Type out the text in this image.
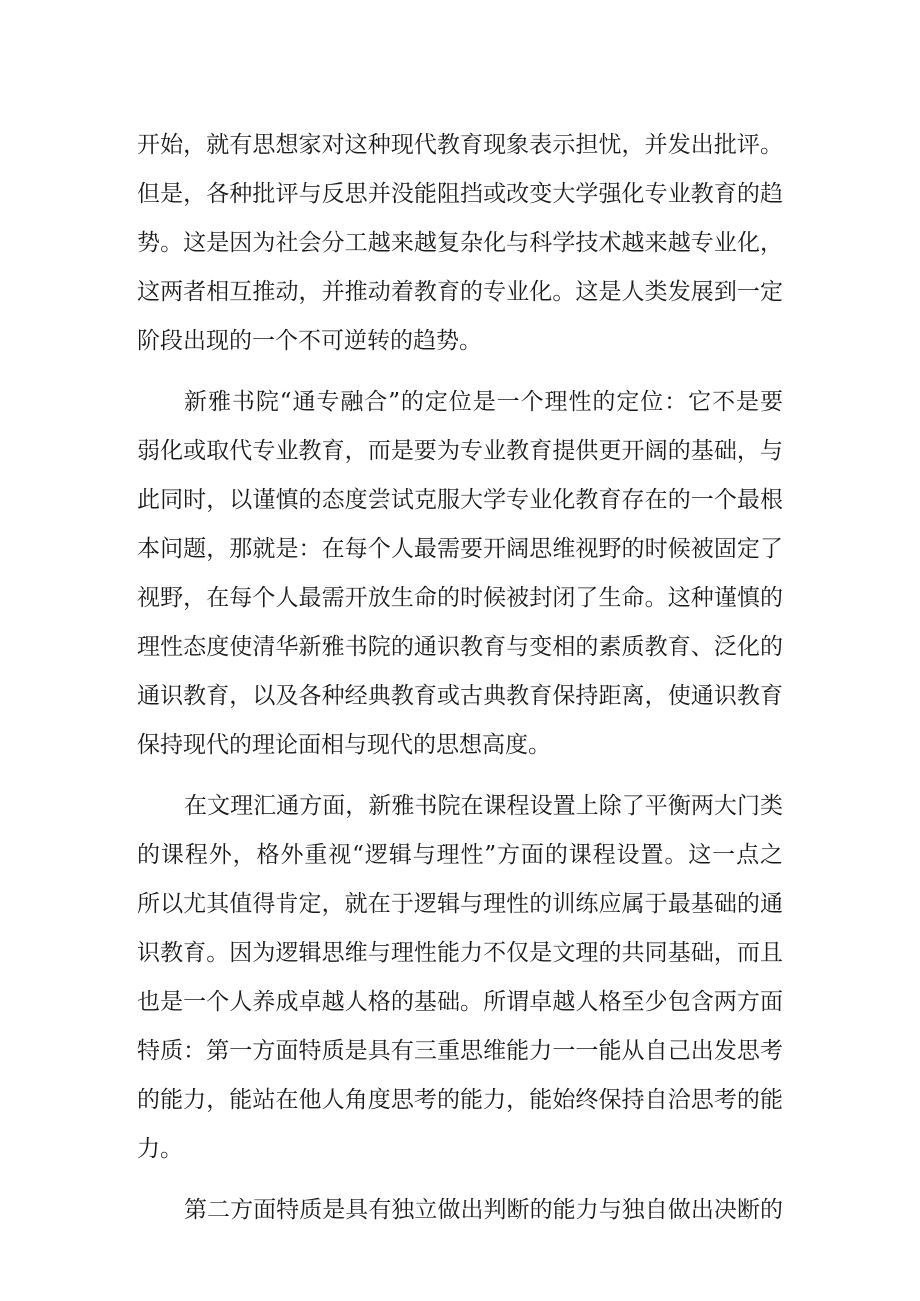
开始，就有思想家对这种现代教育现象表示担忧，并发出批评。
但是，各种批评与反思并没能阻挡或改变大学强化专业教育的趋
势。这是因为社会分工越来越复杂化与科学技术越来越专业化，
这两者相互推动，并推动着教育的专业化。这是人类发展到一定
阶段出现的一个不可逆转的趋势。

新雅书院“通专融合”的定位是一个理性的定位：它不是要
弱化或取代专业教育，而是要为专业教育提供更开阔的基础，与
此同时，以谨慎的态度尝试克服大学专业化教育存在的一个最根
本问题，那就是：在每个人最需要开阔思维视野的时候被固定了
视野，在每个人最需开放生命的时候被封闭了生命。这种谨慎的
理性态度使清华新雅书院的通识教育与变相的素质教育、泛化的
通识教育，以及各种经典教育或古典教育保持距离，使通识教育
保持现代的理论面相与现代的思想高度。

在文理汇通方面，新雅书院在课程设置上除了平衡两大门类
的课程外，格外重视“逻辑与理性”方面的课程设置。这一点之
所以尤其值得肯定，就在于逻辑与理性的训练应属于最基础的通
识教育。因为逻辑思维与理性能力不仅是文理的共同基础，而且
也是一个人养成卓越人格的基础。所谓卓越人格至少包含两方面
特质：第一方面特质是具有三重思维能力一一能从自己出发思考
的能力，能站在他人角度思考的能力，能始终保持自洽思考的能
力。

第二方面特质是具有独立做出判断的能力与独自做出决断的
